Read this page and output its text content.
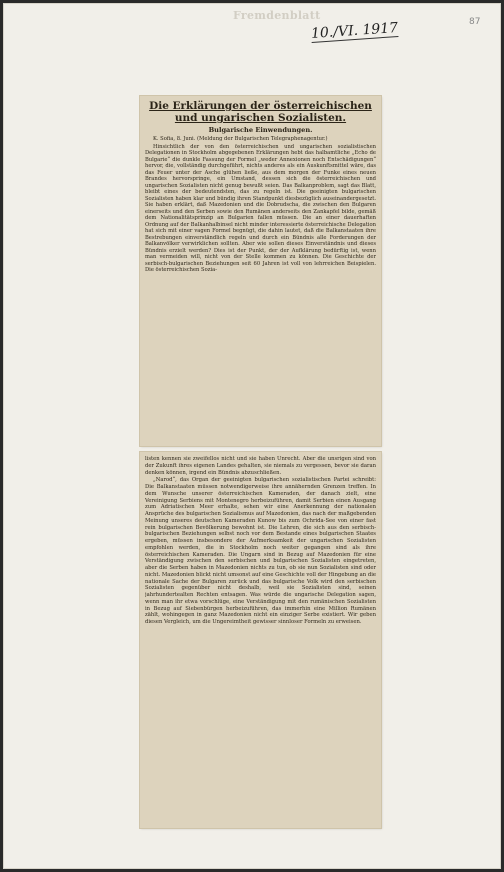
Fremdenblatt
10./VI. 1917	87
Die Erklärungen der österreichischen und ungarischen Sozialisten.
Bulgarische Einwendungen.
K. Sofia, 8. Juni. (Meldung der Bulgarischen Telegraphenagentur.)
Hinsichtlich der von den österreichischen und ungarischen sozialistischen Delegationen in Stockholm abgegebenen Erklärungen hebt das halbamtliche „Echo de Bulgarie“ die dunkle Fassung der Formel „weder Annexionen noch Entschädigungen“ hervor, die, vollständig durchgeführt, nichts anderes als ein Auskunftsmittel wäre, das das Feuer unter der Asche glühen ließe, aus dem morgen der Funke eines neuen Brandes hervorspringe, ein Umstand, dessen sich die österreichischen und ungarischen Sozialisten nicht genug bewußt seien. Das Balkanproblem, sagt das Blatt, bleibt eines der bedeutendsten, das zu regeln ist. Die geeinigten bulgarischen Sozialisten haben klar und bündig ihren Standpunkt diesbezüglich auseinandergesetzt. Sie haben erklärt, daß Mazedonien und die Dobrudscha, die zwischen den Bulgaren einerseits und den Serben sowie den Rumänen anderseits den Zankapfel bilde, gemäß dem Nationalitätsprinzip an Bulgarien fallen müssen. Die an einer dauerhaften Ordnung auf der Balkanhalbinsel nicht minder interessierte österreichische Delegation hat sich mit einer vagen Formel begnügt, die dahin lautet, daß die Balkanstaaten ihre Bestrebungen einverständlich regeln und durch ein Bündnis alle Forderungen der Balkanvölker verwirklichen sollten. Aber wie sollen dieses Einverständnis und dieses Bündnis erzielt werden? Dies ist der Punkt, der der Aufklärung bedürftig ist, wenn man vermeiden will, nicht von der Stelle kommen zu können. Die Geschichte der serbisch-bulgarischen Beziehungen seit 60 Jahren ist voll von lehrreichen Beispielen. Die österreichischen Sozia-
listen kennen sie zweifellos nicht und sie haben Unrecht. Aber die unsrigen sind von der Zukunft ihres eigenen Landes gehalten, sie niemals zu vergessen, bevor sie daran denken können, irgend ein Bündnis abzuschließen.
„Narod“, das Organ der geeinigten bulgarischen sozialistischen Partei schreibt: Die Balkanstaaten müssen notwendigerweise ihre annähernden Grenzen treffen. In dem Wunsche unserer österreichischen Kameraden, der danach zielt, eine Vereinigung Serbiens mit Montenegro herbeizuführen, damit Serbien einen Ausgang zum Adriatischen Meer erhalte, sehen wir eine Anerkennung der nationalen Ansprüche des bulgarischen Sozialismus auf Mazedonien, das nach der maßgebenden Meinung unseres deutschen Kameraden Kunow bis zum Ochrida-See von einer fast rein bulgarischen Bevölkerung bewohnt ist. Die Lehren, die sich aus den serbisch-bulgarischen Beziehungen selbst noch vor dem Bestande eines bulgarischen Staates ergeben, müssen insbesondere der Aufmerksamkeit der ungarischen Sozialisten empfohlen werden, die in Stockholm noch weiter gegangen sind als ihre österreichischen Kameraden. Die Ungarn sind in Bezug auf Mazedonien für eine Verständigung zwischen den serbischen und bulgarischen Sozialisten eingetreten, aber die Serben haben in Mazedonien nichts zu tun, ob sie nun Sozialisten sind oder nicht. Mazedonien blickt nicht umsonst auf eine Geschichte voll der Hingebung an die nationale Sache der Bulgaren zurück und das bulgarische Volk wird den serbischen Sozialisten gegenüber nicht deshalb, weil sie Sozialisten sind, seinen jahrhundertealten Rechten entsagen. Was würde die ungarische Delegation sagen, wenn man ihr etwa vorschlüge, eine Verständigung mit den rumänischen Sozialisten in Bezug auf Siebenbürgen herbeizuführen, das immerhin eine Million Rumänen zählt, wohingegen in ganz Mazedonien nicht ein einziger Serbe existiert. Wir geben diesen Vergleich, um die Ungereimtheit gewisser sinnloser Formeln zu erweisen.
